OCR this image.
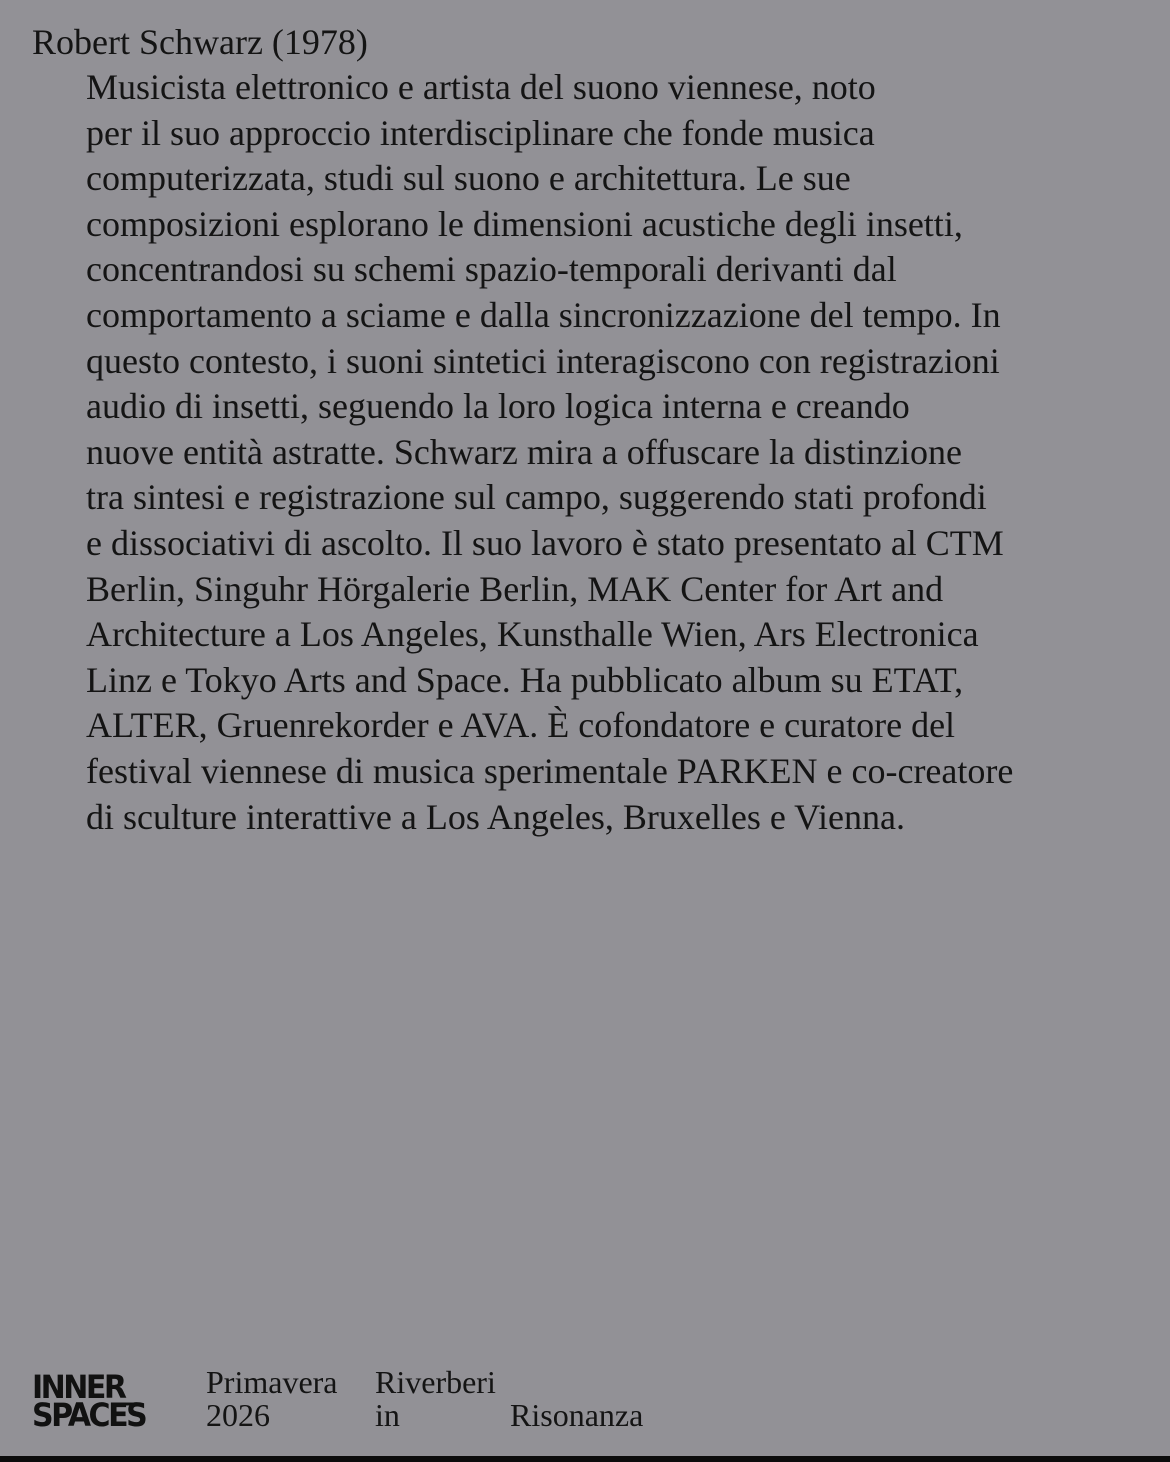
Robert Schwarz (1978)
Musicista elettronico e artista del suono viennese, noto
per il suo approccio interdisciplinare che fonde musica
computerizzata, studi sul suono e architettura. Le sue
composizioni esplorano le dimensioni acustiche degli insetti,
concentrandosi su schemi spazio-temporali derivanti dal
comportamento a sciame e dalla sincronizzazione del tempo. In
questo contesto, i suoni sintetici interagiscono con registrazioni
audio di insetti, seguendo la loro logica interna e creando
nuove entità astratte. Schwarz mira a offuscare la distinzione
tra sintesi e registrazione sul campo, suggerendo stati profondi
e dissociativi di ascolto. Il suo lavoro è stato presentato al CTM
Berlin, Singuhr Hörgalerie Berlin, MAK Center for Art and
Architecture a Los Angeles, Kunsthalle Wien, Ars Electronica
Linz e Tokyo Arts and Space. Ha pubblicato album su ETAT,
ALTER, Gruenrekorder e AVA. È cofondatore e curatore del
festival viennese di musica sperimentale PARKEN e co-creatore
di sculture interattive a Los Angeles, Bruxelles e Vienna.
INNER_
SPACES
Primavera
2026
Riverberi
in	Risonanza
